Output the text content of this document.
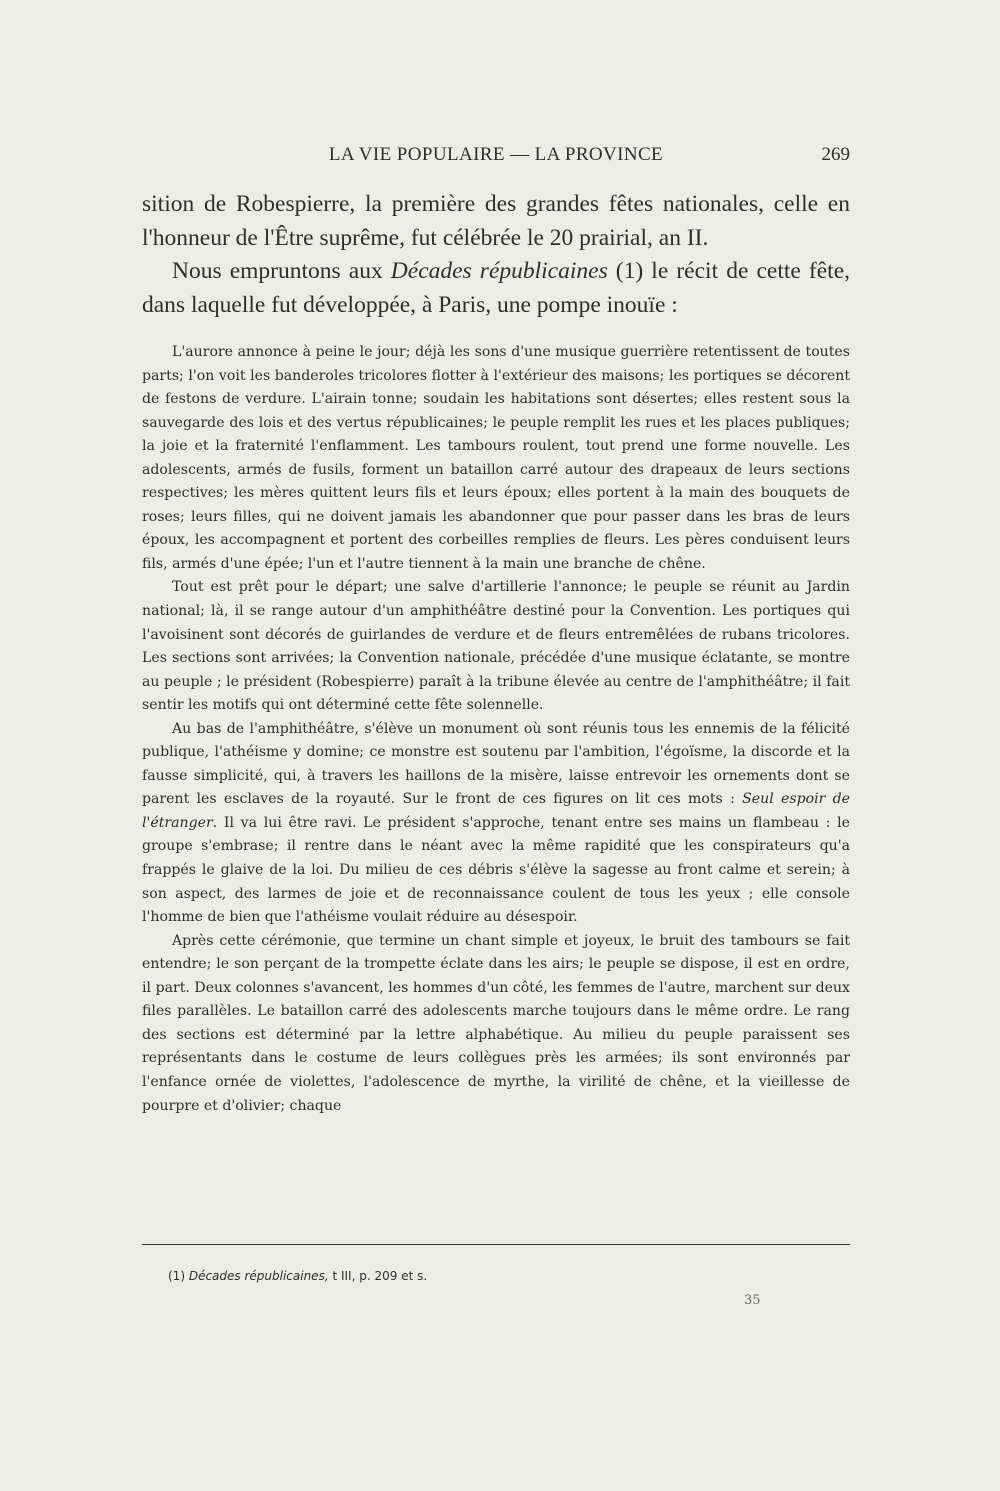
LA VIE POPULAIRE — LA PROVINCE	269

sition de Robespierre, la première des grandes fêtes nationales, celle en l'honneur de l'Être suprême, fut célébrée le 20 prairial, an II.

Nous empruntons aux Décades républicaines (1) le récit de cette fête, dans laquelle fut développée, à Paris, une pompe inouïe :

L'aurore annonce à peine le jour; déjà les sons d'une musique guerrière retentissent de toutes parts; l'on voit les banderoles tricolores flotter à l'extérieur des maisons; les portiques se décorent de festons de verdure. L'airain tonne; soudain les habitations sont désertes; elles restent sous la sauvegarde des lois et des vertus républicaines; le peuple remplit les rues et les places publiques; la joie et la fraternité l'enflamment. Les tambours roulent, tout prend une forme nouvelle. Les adolescents, armés de fusils, forment un bataillon carré autour des drapeaux de leurs sections respectives; les mères quittent leurs fils et leurs époux; elles portent à la main des bouquets de roses; leurs filles, qui ne doivent jamais les abandonner que pour passer dans les bras de leurs époux, les accompagnent et portent des corbeilles remplies de fleurs. Les pères conduisent leurs fils, armés d'une épée; l'un et l'autre tiennent à la main une branche de chêne.

Tout est prêt pour le départ; une salve d'artillerie l'annonce; le peuple se réunit au Jardin national; là, il se range autour d'un amphithéâtre destiné pour la Convention. Les portiques qui l'avoisinent sont décorés de guirlandes de verdure et de fleurs entremêlées de rubans tricolores. Les sections sont arrivées; la Convention nationale, précédée d'une musique éclatante, se montre au peuple ; le président (Robespierre) paraît à la tribune élevée au centre de l'amphithéâtre; il fait sentir les motifs qui ont déterminé cette fête solennelle.

Au bas de l'amphithéâtre, s'élève un monument où sont réunis tous les ennemis de la félicité publique, l'athéisme y domine; ce monstre est soutenu par l'ambition, l'égoïsme, la discorde et la fausse simplicité, qui, à travers les haillons de la misère, laisse entrevoir les ornements dont se parent les esclaves de la royauté. Sur le front de ces figures on lit ces mots : Seul espoir de l'étranger. Il va lui être ravi. Le président s'approche, tenant entre ses mains un flambeau : le groupe s'embrase; il rentre dans le néant avec la même rapidité que les conspirateurs qu'a frappés le glaive de la loi. Du milieu de ces débris s'élève la sagesse au front calme et serein; à son aspect, des larmes de joie et de reconnaissance coulent de tous les yeux ; elle console l'homme de bien que l'athéisme voulait réduire au désespoir.

Après cette cérémonie, que termine un chant simple et joyeux, le bruit des tambours se fait entendre; le son perçant de la trompette éclate dans les airs; le peuple se dispose, il est en ordre, il part. Deux colonnes s'avancent, les hommes d'un côté, les femmes de l'autre, marchent sur deux files parallèles. Le bataillon carré des adolescents marche toujours dans le même ordre. Le rang des sections est déterminé par la lettre alphabétique. Au milieu du peuple paraissent ses représentants dans le costume de leurs collègues près les armées; ils sont environnés par l'enfance ornée de violettes, l'adolescence de myrthe, la virilité de chêne, et la vieillesse de pourpre et d'olivier; chaque

(1) Décades républicaines, t III, p. 209 et s.
35
